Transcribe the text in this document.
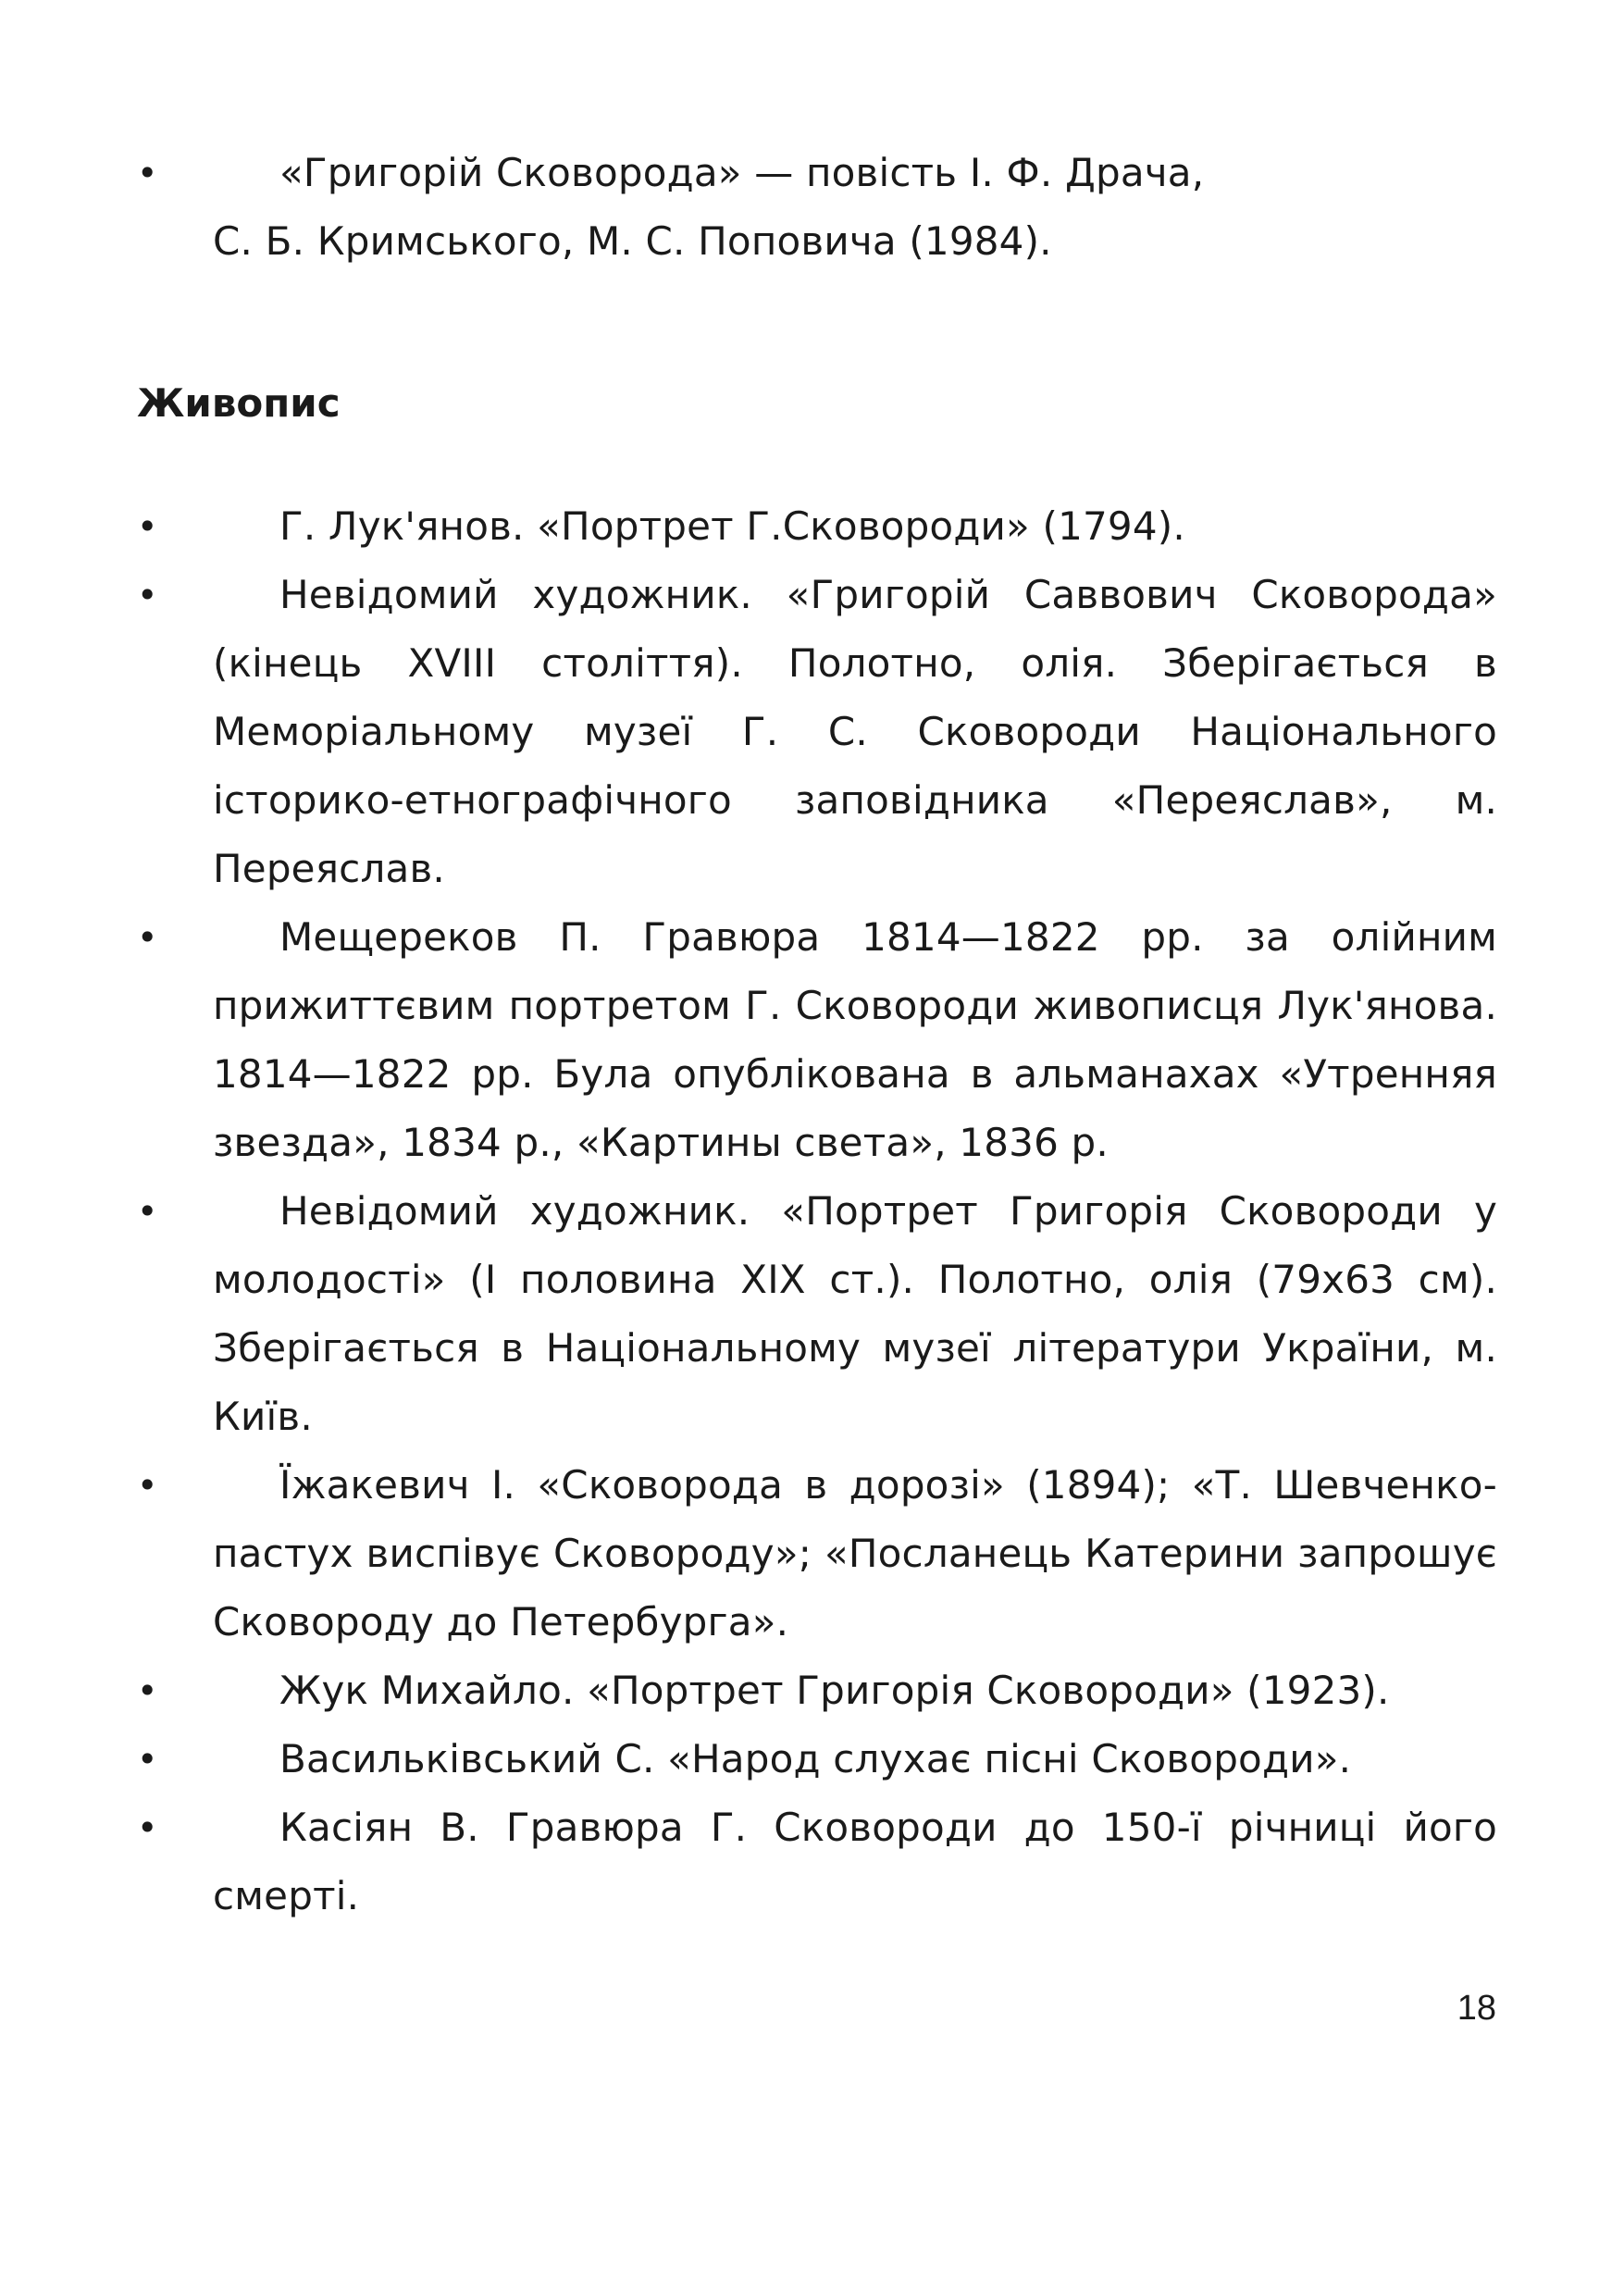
•	«Григорій Сковорода» — повість І. Ф. Драча,
С. Б. Кримського, М. С. Поповича (1984).
Живопис
•	Г. Лук'янов. «Портрет Г.Сковороди» (1794).
•	Невідомий художник. «Григорій Саввович Сковорода» (кінець XVIII століття). Полотно, олія. Зберігається в Меморіальному музеї Г. С. Сковороди Національного історико-етнографічного заповідника «Переяслав», м. Переяслав.
•	Мещереков П. Гравюра 1814—1822 рр. за олійним прижиттєвим портретом Г. Сковороди живописця Лук'янова. 1814—1822 рр. Була опублікована в альманахах «Утренняя звезда», 1834 р., «Картины света», 1836 р.
•	Невідомий художник. «Портрет Григорія Сковороди у молодості» (І половина XIX ст.). Полотно, олія (79х63 см). Зберігається в Національному музеї літератури України, м. Київ.
•	Їжакевич І. «Сковорода в дорозі» (1894); «Т. Шевченко-пастух виспівує Сковороду»; «Посланець Катерини запрошує Сковороду до Петербурга».
•	Жук Михайло. «Портрет Григорія Сковороди» (1923).
•	Васильківський С. «Народ слухає пісні Сковороди».
•	Касіян В. Гравюра Г. Сковороди до 150-ї річниці його смерті.
18
